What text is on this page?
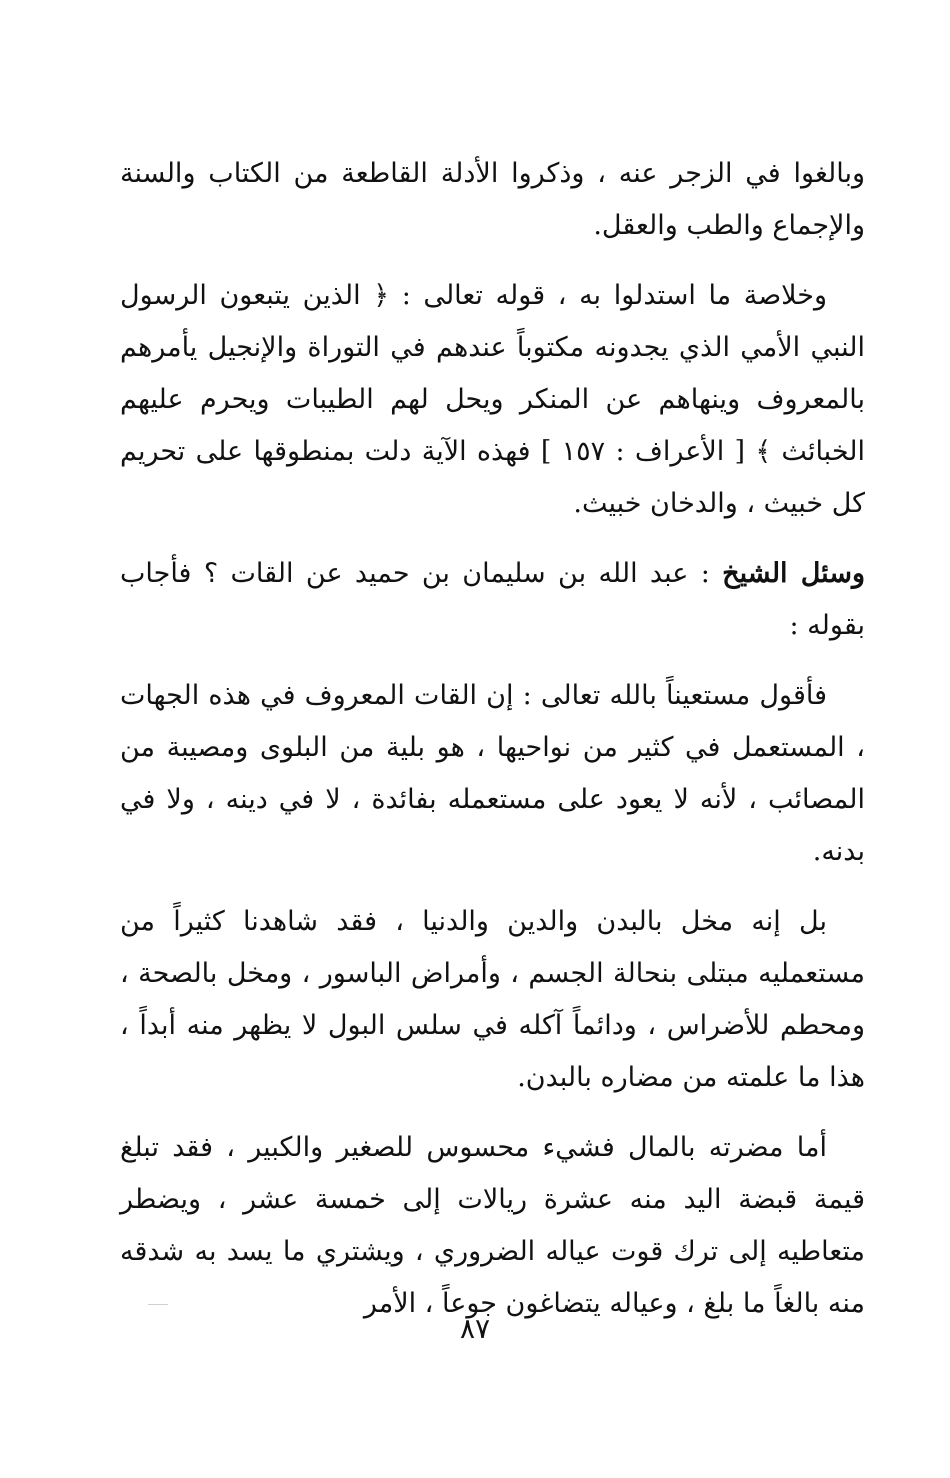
وبالغوا في الزجر عنه ، وذكروا الأدلة القاطعة من الكتاب والسنة والإجماع والطب والعقل.

وخلاصة ما استدلوا به ، قوله تعالى : ﴿ الذين يتبعون الرسول النبي الأمي الذي يجدونه مكتوباً عندهم في التوراة والإنجيل يأمرهم بالمعروف وينهاهم عن المنكر ويحل لهم الطيبات ويحرم عليهم الخبائث ﴾ [ الأعراف : ١٥٧ ] فهذه الآية دلت بمنطوقها على تحريم كل خبيث ، والدخان خبيث.

وسئل الشيخ : عبد الله بن سليمان بن حميد عن القات ؟ فأجاب بقوله :

فأقول مستعيناً بالله تعالى : إن القات المعروف في هذه الجهات ، المستعمل في كثير من نواحيها ، هو بلية من البلوى ومصيبة من المصائب ، لأنه لا يعود على مستعمله بفائدة ، لا في دينه ، ولا في بدنه.

بل إنه مخل بالبدن والدين والدنيا ، فقد شاهدنا كثيراً من مستعمليه مبتلى بنحالة الجسم ، وأمراض الباسور ، ومخل بالصحة ، ومحطم للأضراس ، ودائماً آكله في سلس البول لا يظهر منه أبداً ، هذا ما علمته من مضاره بالبدن.

أما مضرته بالمال فشيء محسوس للصغير والكبير ، فقد تبلغ قيمة قبضة اليد منه عشرة ريالات إلى خمسة عشر ، ويضطر متعاطيه إلى ترك قوت عياله الضروري ، ويشتري ما يسد به شدقه منه بالغاً ما بلغ ، وعياله يتضاغون جوعاً ، الأمر

٨٧
